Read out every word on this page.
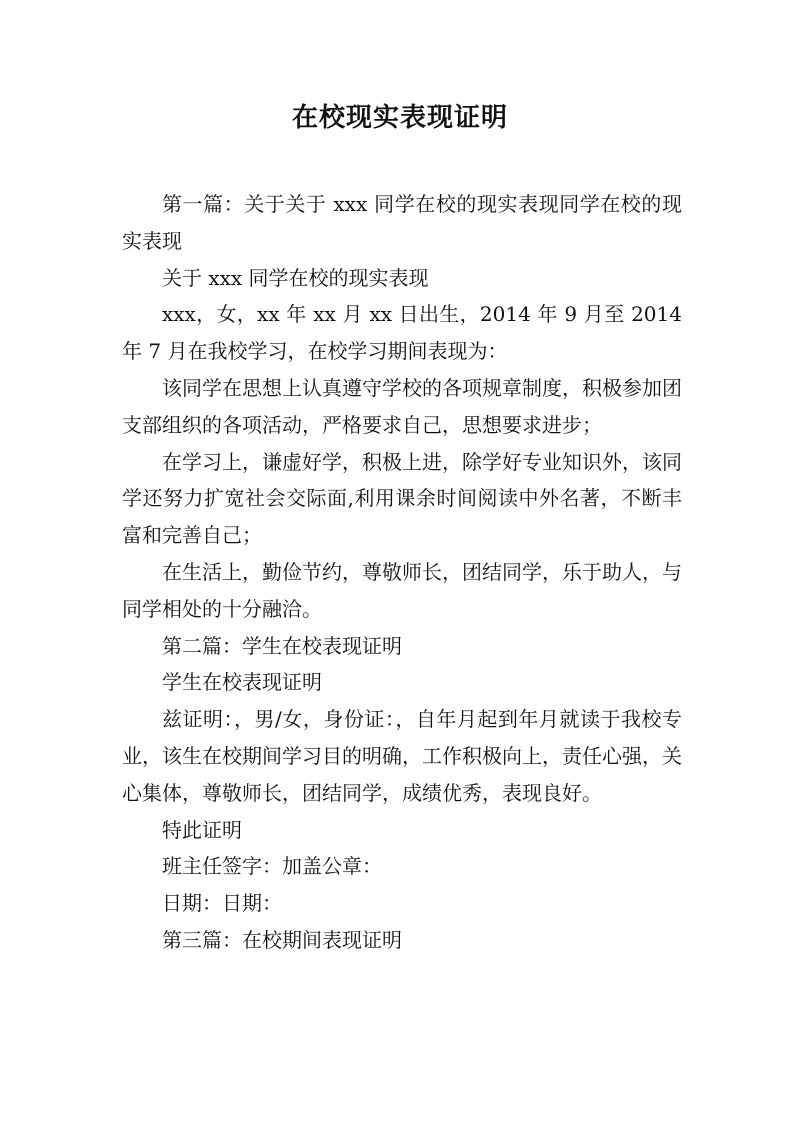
在校现实表现证明

第一篇：关于关于 xxx 同学在校的现实表现同学在校的现实表现

关于 xxx 同学在校的现实表现

xxx，女，xx 年 xx 月 xx 日出生，2014 年 9 月至 2014 年 7 月在我校学习，在校学习期间表现为：

该同学在思想上认真遵守学校的各项规章制度，积极参加团支部组织的各项活动，严格要求自己，思想要求进步；

在学习上，谦虚好学，积极上进，除学好专业知识外，该同学还努力扩宽社会交际面,利用课余时间阅读中外名著，不断丰富和完善自己；

在生活上，勤俭节约，尊敬师长，团结同学，乐于助人，与同学相处的十分融洽。

第二篇：学生在校表现证明

学生在校表现证明

兹证明：，男/女，身份证：，自年月起到年月就读于我校专业，该生在校期间学习目的明确，工作积极向上，责任心强，关心集体，尊敬师长，团结同学，成绩优秀，表现良好。

特此证明

班主任签字：加盖公章：

日期：日期：

第三篇：在校期间表现证明
